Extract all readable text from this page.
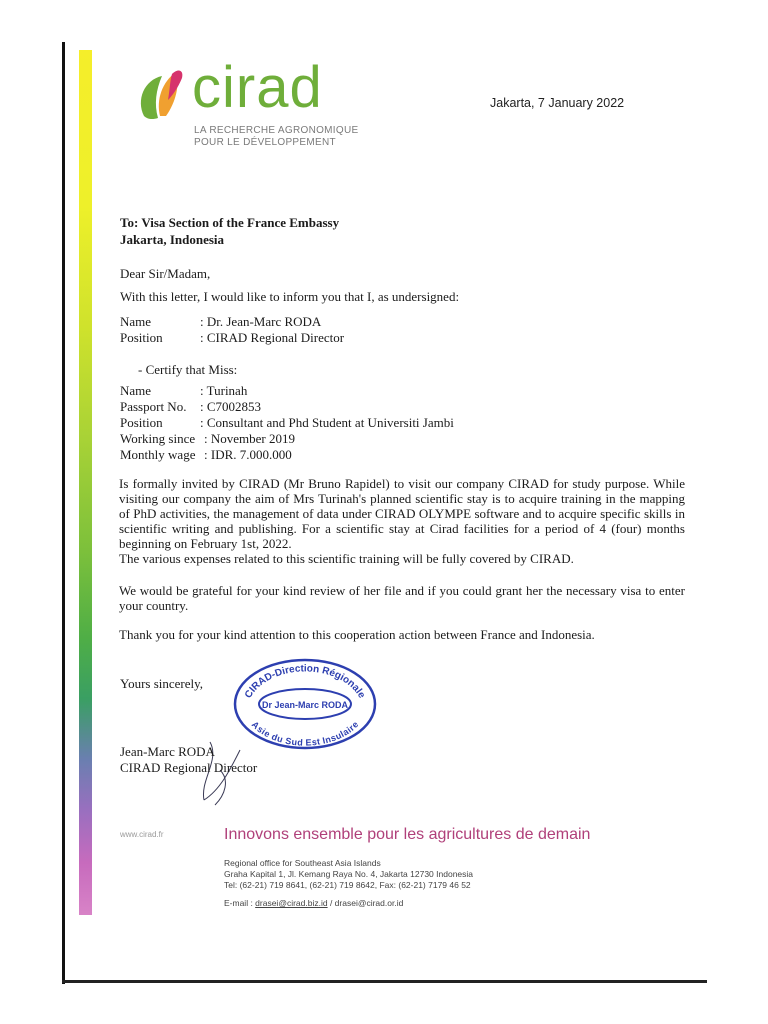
cirad
LA RECHERCHE AGRONOMIQUE
POUR LE DÉVELOPPEMENT
Jakarta, 7 January 2022
To: Visa Section of the France Embassy
Jakarta, Indonesia
Dear Sir/Madam,
With this letter, I would like to inform you that I, as undersigned:
Name	: Dr. Jean-Marc RODA
Position	: CIRAD Regional Director
- Certify that Miss:
Name	: Turinah
Passport No.	: C7002853
Position	: Consultant and Phd Student at Universiti Jambi
Working since : November 2019
Monthly wage : IDR. 7.000.000
Is formally invited by CIRAD (Mr Bruno Rapidel) to visit our company CIRAD for study purpose. While visiting our company the aim of Mrs Turinah's planned scientific stay is to acquire training in the mapping of PhD activities, the management of data under CIRAD OLYMPE software and to acquire specific skills in scientific writing and publishing. For a scientific stay at Cirad facilities for a period of 4 (four) months beginning on February 1st, 2022.
The various expenses related to this scientific training will be fully covered by CIRAD.
We would be grateful for your kind review of her file and if you could grant her the necessary visa to enter your country.
Thank you for your kind attention to this cooperation action between France and Indonesia.
Yours sincerely,
CIRAD-Direction Régionale
Dr Jean-Marc RODA
Asie du Sud Est Insulaire
Jean-Marc RODA
CIRAD Regional Director
www.cirad.fr	Innovons ensemble pour les agricultures de demain
Regional office for Southeast Asia Islands
Graha Kapital 1, Jl. Kemang Raya No. 4, Jakarta 12730 Indonesia
Tel: (62-21) 719 8641, (62-21) 719 8642, Fax: (62-21) 7179 46 52
E-mail : drasei@cirad.biz.id / drasei@cirad.or.id
